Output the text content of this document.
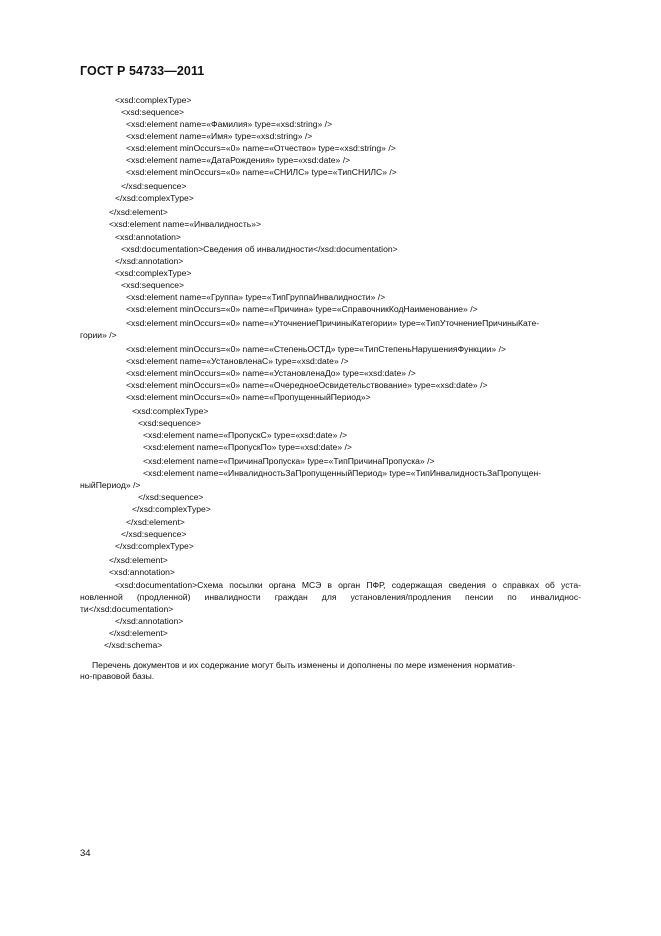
ГОСТ Р 54733—2011
<xsd:complexType>
<xsd:sequence>
<xsd:element name=«Фамилия» type=«xsd:string» />
<xsd:element name=«Имя» type=«xsd:string» />
<xsd:element minOccurs=«0» name=«Отчество» type=«xsd:string» />
<xsd:element name=«ДатаРождения» type=«xsd:date» />
<xsd:element minOccurs=«0» name=«СНИЛС» type=«ТипСНИЛС» />
</xsd:sequence>
</xsd:complexType>
</xsd:element>
<xsd:element name=«Инвалидность»>
<xsd:annotation>
<xsd:documentation>Сведения об инвалидности</xsd:documentation>
</xsd:annotation>
<xsd:complexType>
<xsd:sequence>
<xsd:element name=«Группа» type=«ТипГруппаИнвалидности» />
<xsd:element minOccurs=«0» name=«Причина» type=«СправочникКодНаименование» />
<xsd:element minOccurs=«0» name=«УточнениеПричиныКатегории» type=«ТипУточнениеПричиныКате-
гории» />
<xsd:element minOccurs=«0» name=«СтепеньОСТД» type=«ТипСтепеньНарушенияФункции» />
<xsd:element name=«УстановленаС» type=«xsd:date» />
<xsd:element minOccurs=«0» name=«УстановленаДо» type=«xsd:date» />
<xsd:element minOccurs=«0» name=«ОчередноеОсвидетельствование» type=«xsd:date» />
<xsd:element minOccurs=«0» name=«ПропущенныйПериод»>
<xsd:complexType>
<xsd:sequence>
<xsd:element name=«ПропускС» type=«xsd:date» />
<xsd:element name=«ПропускПо» type=«xsd:date» />
<xsd:element name=«ПричинаПропуска» type=«ТипПричинаПропуска» />
<xsd:element name=«ИнвалидностьЗаПропущенныйПериод» type=«ТипИнвалидностьЗаПропущен-
ныйПериод» />
</xsd:sequence>
</xsd:complexType>
</xsd:element>
</xsd:sequence>
</xsd:complexType>
</xsd:element>
<xsd:annotation>
<xsd:documentation>Схема посылки органа МСЭ в орган ПФР, содержащая сведения о справках об уста-
новленной (продленной) инвалидности граждан для установления/продления пенсии по инвалиднос-
ти</xsd:documentation>
</xsd:annotation>
</xsd:element>
</xsd:schema>
Перечень документов и их содержание могут быть изменены и дополнены по мере изменения норматив-
но-правовой базы.
34
